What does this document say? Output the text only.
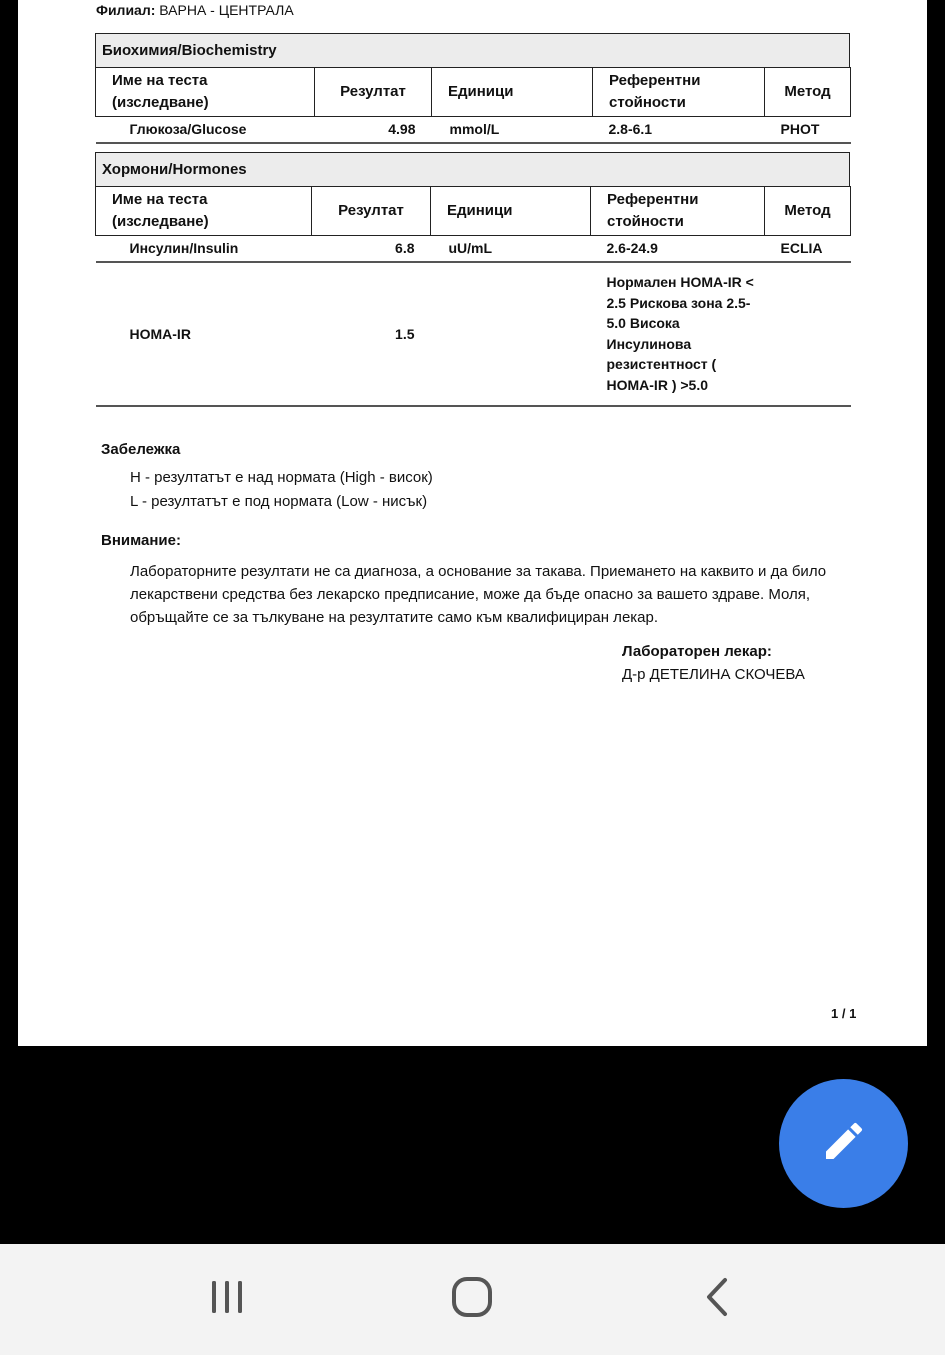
Филиал: ВАРНА - ЦЕНТРАЛА
Биохимия/Biochemistry
Име на теста (изследване)	Резултат	Единици	Референтни стойности	Метод
Глюкоза/Glucose	4.98	mmol/L	2.8-6.1	PHOT
Хормони/Hormones
Име на теста (изследване)	Резултат	Единици	Референтни стойности	Метод
Инсулин/Insulin	6.8	uU/mL	2.6-24.9	ECLIA
HOMA-IR	1.5		Нормален HOMA-IR < 2.5 Рискова зона 2.5-5.0 Висока Инсулинова резистентност ( HOMA-IR ) >5.0	
Забележка
H - резултатът е над нормата (High - висок)
L - резултатът е под нормата (Low - нисък)
Внимание:
Лабораторните резултати не са диагноза, а основание за такава. Приемането на каквито и да било лекарствени средства без лекарско предписание, може да бъде опасно за вашето здраве. Моля, обръщайте се за тълкуване на резултатите само към квалифициран лекар.
Лабораторен лекар:
Д-р ДЕТЕЛИНА СКОЧЕВА
1 / 1
